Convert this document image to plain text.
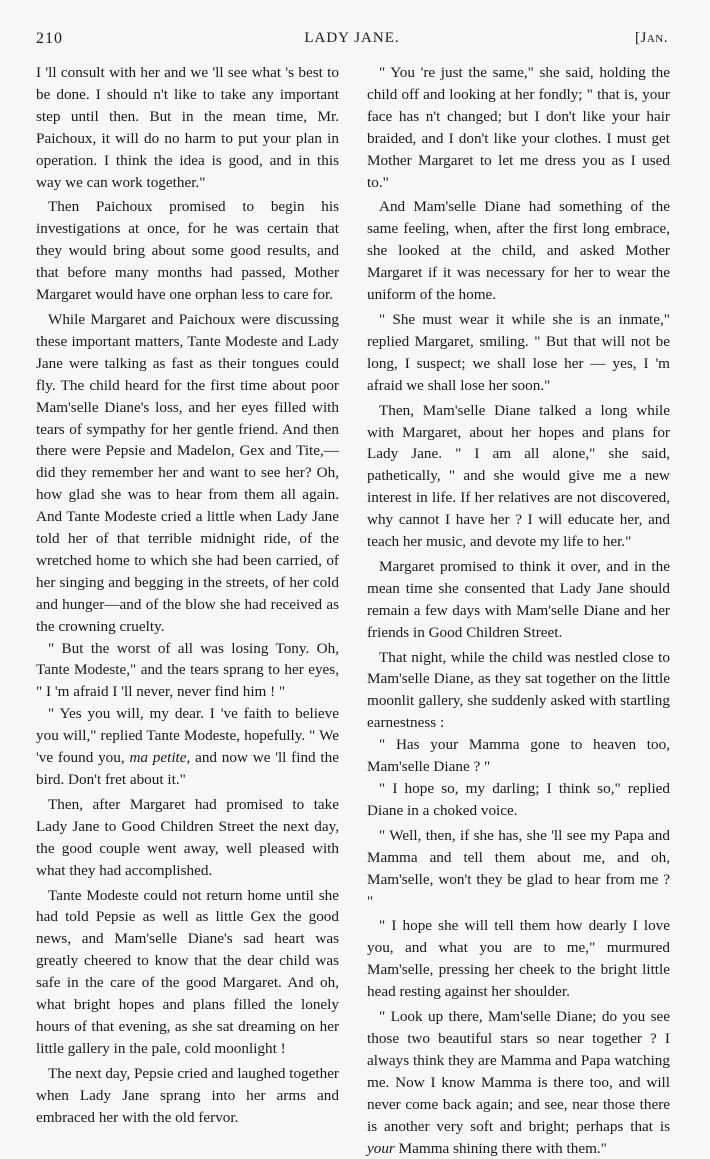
210	LADY JANE.	[Jan.

I 'll consult with her and we 'll see what 's best to be done. I should n't like to take any important step until then. But in the mean time, Mr. Paichoux, it will do no harm to put your plan in operation. I think the idea is good, and in this way we can work together."

Then Paichoux promised to begin his investigations at once, for he was certain that they would bring about some good results, and that before many months had passed, Mother Margaret would have one orphan less to care for.

While Margaret and Paichoux were discussing these important matters, Tante Modeste and Lady Jane were talking as fast as their tongues could fly. The child heard for the first time about poor Mam'selle Diane's loss, and her eyes filled with tears of sympathy for her gentle friend. And then there were Pepsie and Madelon, Gex and Tite,—did they remember her and want to see her? Oh, how glad she was to hear from them all again. And Tante Modeste cried a little when Lady Jane told her of that terrible midnight ride, of the wretched home to which she had been carried, of her singing and begging in the streets, of her cold and hunger—and of the blow she had received as the crowning cruelty.

" But the worst of all was losing Tony. Oh, Tante Modeste," and the tears sprang to her eyes, " I 'm afraid I 'll never, never find him ! "

" Yes you will, my dear. I 've faith to believe you will," replied Tante Modeste, hopefully. " We 've found you, ma petite, and now we 'll find the bird. Don't fret about it."

Then, after Margaret had promised to take Lady Jane to Good Children Street the next day, the good couple went away, well pleased with what they had accomplished.

Tante Modeste could not return home until she had told Pepsie as well as little Gex the good news, and Mam'selle Diane's sad heart was greatly cheered to know that the dear child was safe in the care of the good Margaret. And oh, what bright hopes and plans filled the lonely hours of that evening, as she sat dreaming on her little gallery in the pale, cold moonlight !

The next day, Pepsie cried and laughed together when Lady Jane sprang into her arms and embraced her with the old fervor.

" You 're just the same," she said, holding the child off and looking at her fondly; " that is, your face has n't changed; but I don't like your hair braided, and I don't like your clothes. I must get Mother Margaret to let me dress you as I used to."

And Mam'selle Diane had something of the same feeling, when, after the first long embrace, she looked at the child, and asked Mother Margaret if it was necessary for her to wear the uniform of the home.

" She must wear it while she is an inmate," replied Margaret, smiling. " But that will not be long, I suspect; we shall lose her — yes, I 'm afraid we shall lose her soon."

Then, Mam'selle Diane talked a long while with Margaret, about her hopes and plans for Lady Jane. " I am all alone," she said, pathetically, " and she would give me a new interest in life. If her relatives are not discovered, why cannot I have her ? I will educate her, and teach her music, and devote my life to her."

Margaret promised to think it over, and in the mean time she consented that Lady Jane should remain a few days with Mam'selle Diane and her friends in Good Children Street.

That night, while the child was nestled close to Mam'selle Diane, as they sat together on the little moonlit gallery, she suddenly asked with startling earnestness :

" Has your Mamma gone to heaven too, Mam'selle Diane ? "

" I hope so, my darling; I think so," replied Diane in a choked voice.

" Well, then, if she has, she 'll see my Papa and Mamma and tell them about me, and oh, Mam'selle, won't they be glad to hear from me ? "

" I hope she will tell them how dearly I love you, and what you are to me," murmured Mam'selle, pressing her cheek to the bright little head resting against her shoulder.

" Look up there, Mam'selle Diane; do you see those two beautiful stars so near together ? I always think they are Mamma and Papa watching me. Now I know Mamma is there too, and will never come back again; and see, near those there is another very soft and bright; perhaps that is your Mamma shining there with them."
